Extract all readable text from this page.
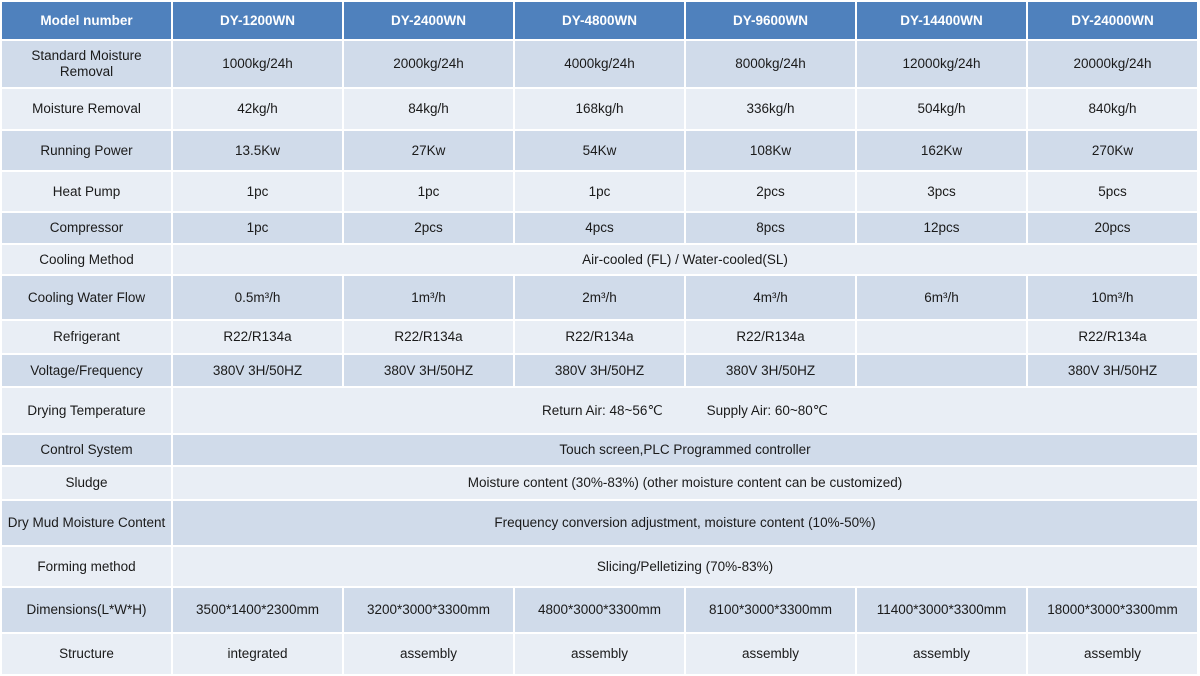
Model number	DY-1200WN	DY-2400WN	DY-4800WN	DY-9600WN	DY-14400WN	DY-24000WN
Standard Moisture Removal	1000kg/24h	2000kg/24h	4000kg/24h	8000kg/24h	12000kg/24h	20000kg/24h
Moisture Removal	42kg/h	84kg/h	168kg/h	336kg/h	504kg/h	840kg/h
Running Power	13.5Kw	27Kw	54Kw	108Kw	162Kw	270Kw
Heat Pump	1pc	1pc	1pc	2pcs	3pcs	5pcs
Compressor	1pc	2pcs	4pcs	8pcs	12pcs	20pcs
Cooling Method	Air-cooled (FL) / Water-cooled(SL)					
Cooling Water Flow	0.5m³/h	1m³/h	2m³/h	4m³/h	6m³/h	10m³/h
Refrigerant	R22/R134a	R22/R134a	R22/R134a	R22/R134a		R22/R134a
Voltage/Frequency	380V 3H/50HZ	380V 3H/50HZ	380V 3H/50HZ	380V 3H/50HZ		380V 3H/50HZ
Drying Temperature	Return Air: 48~56℃ Supply Air: 60~80℃					
Control System	Touch screen,PLC Programmed controller					
Sludge	Moisture content (30%-83%) (other moisture content can be customized)					
Dry Mud Moisture Content	Frequency conversion adjustment, moisture content (10%-50%)					
Forming method	Slicing/Pelletizing (70%-83%)					
Dimensions(L*W*H)	3500*1400*2300mm	3200*3000*3300mm	4800*3000*3300mm	8100*3000*3300mm	11400*3000*3300mm	18000*3000*3300mm
Structure	integrated	assembly	assembly	assembly	assembly	assembly
